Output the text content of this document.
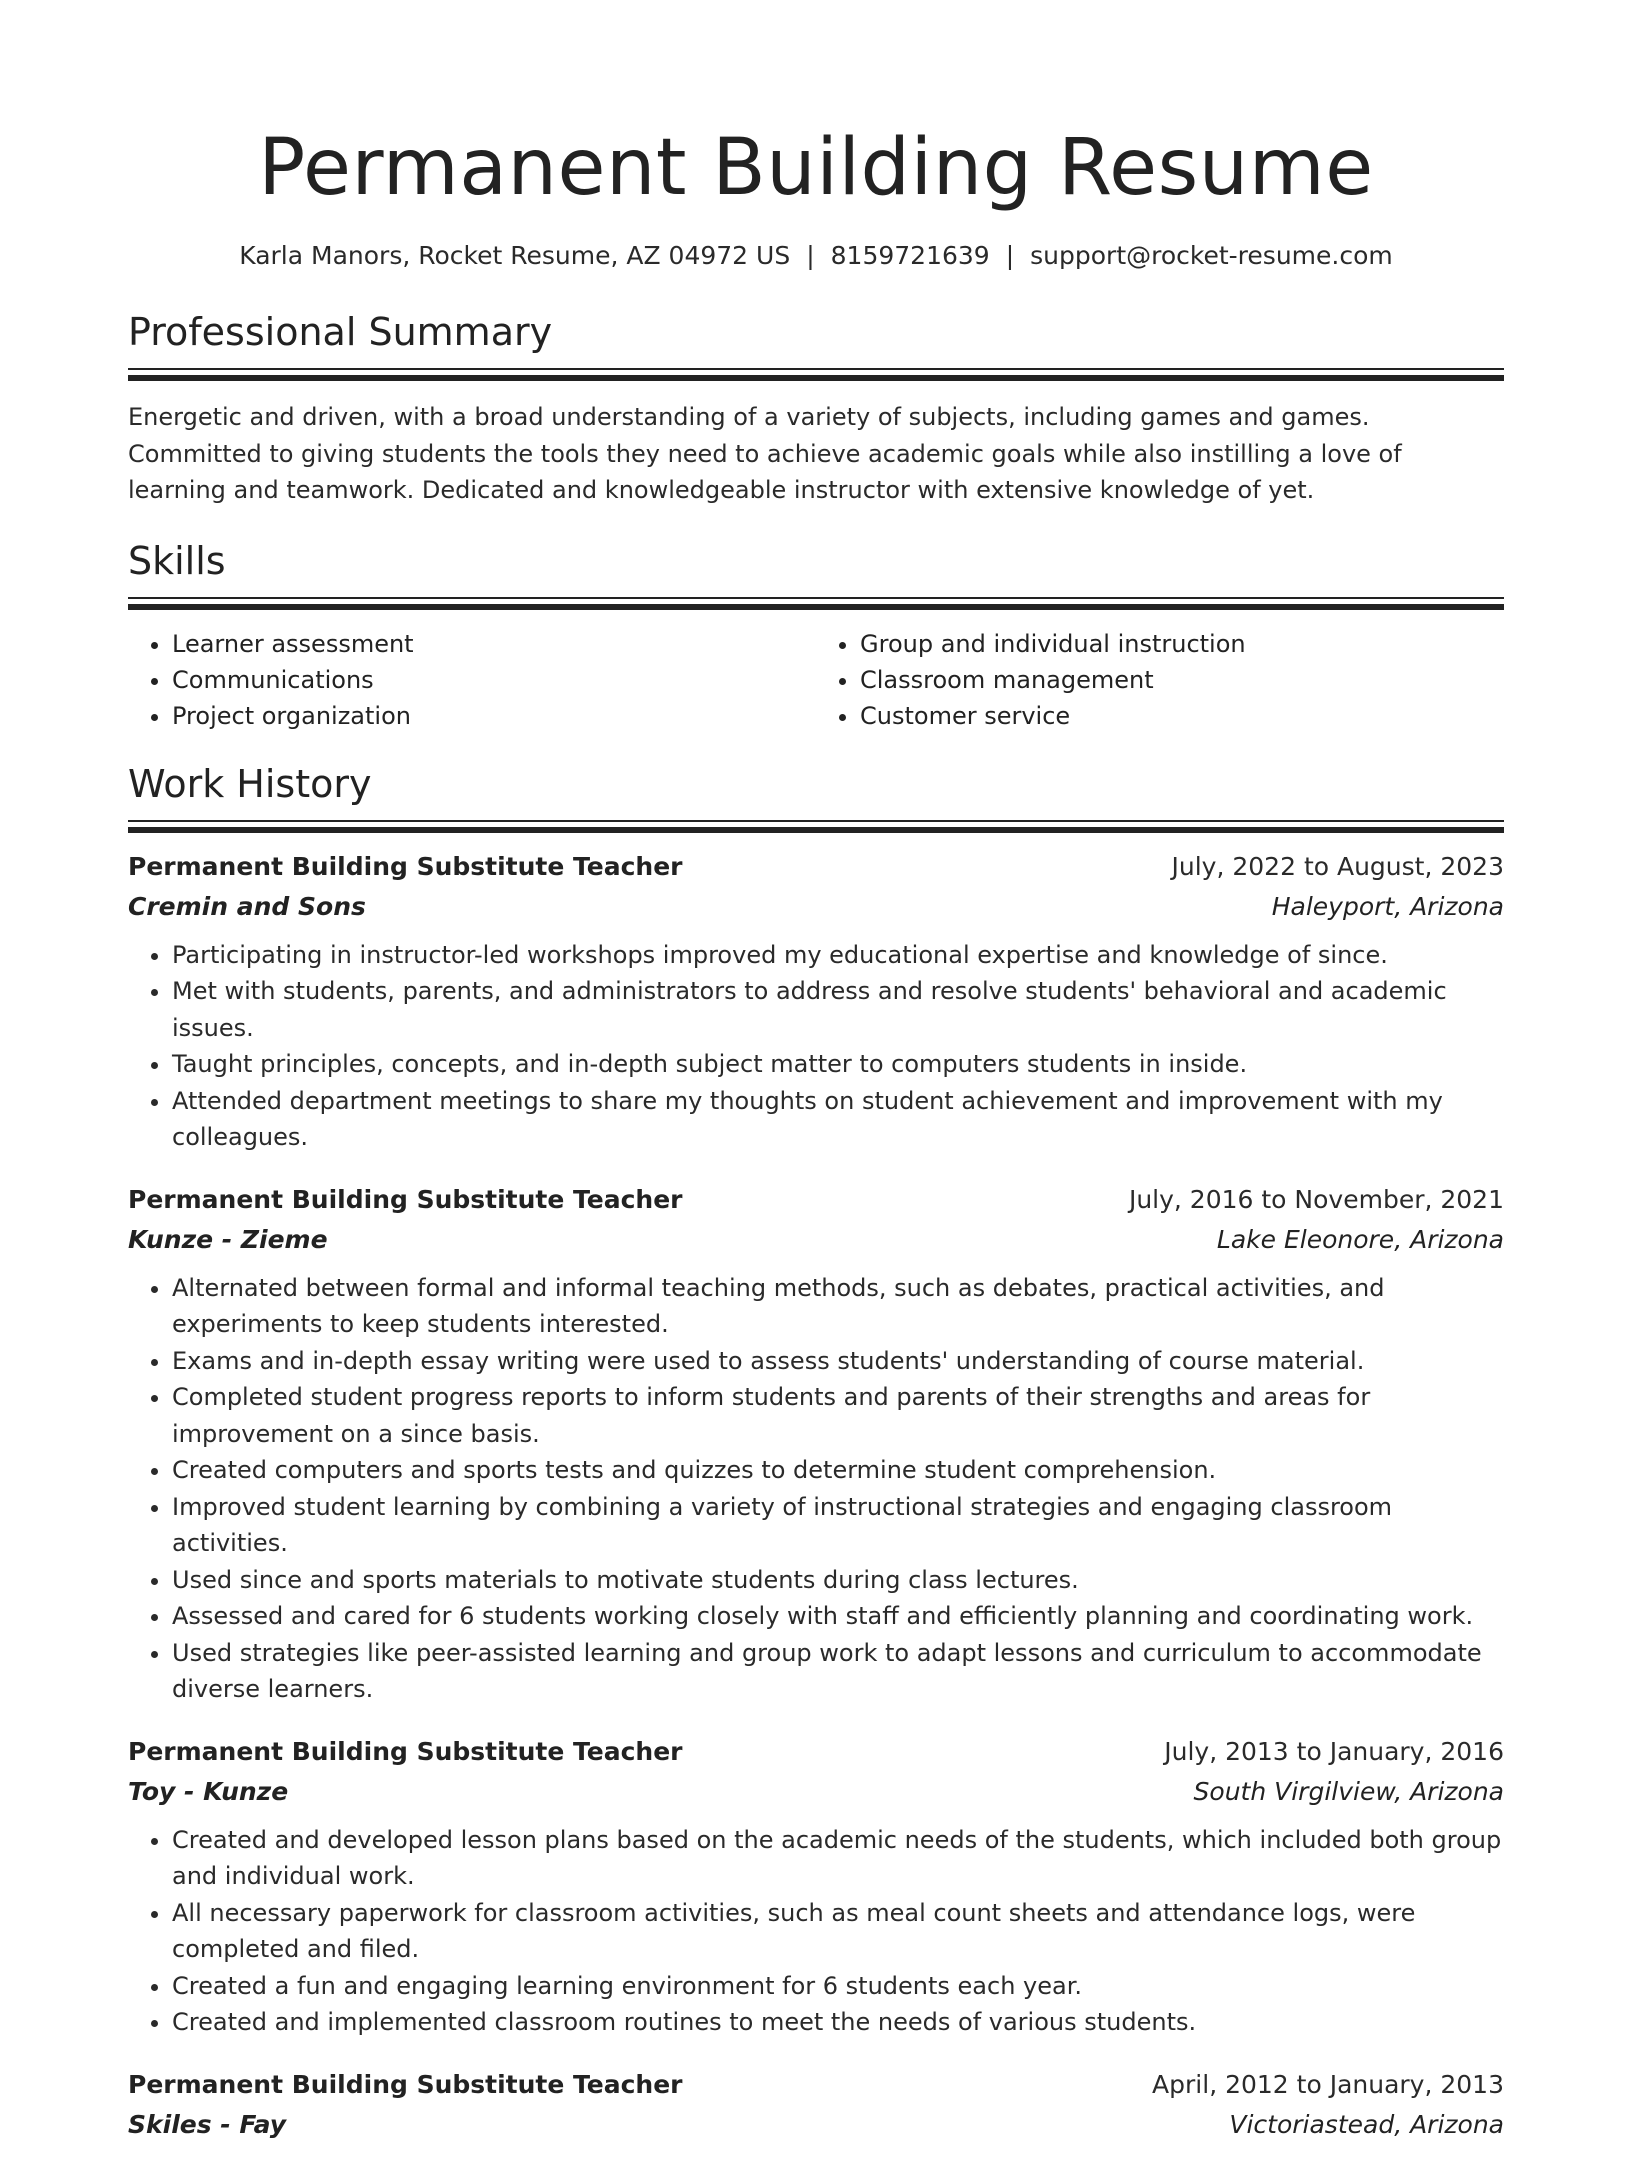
Permanent Building Resume
Karla Manors, Rocket Resume, AZ 04972 US | 8159721639 | support@rocket-resume.com
Professional Summary

Energetic and driven, with a broad understanding of a variety of subjects, including games and games. Committed to giving students the tools they need to achieve academic goals while also instilling a love of learning and teamwork. Dedicated and knowledgeable instructor with extensive knowledge of yet.

Skills
• Learner assessment
• Communications
• Project organization
• Group and individual instruction
• Classroom management
• Customer service
Work History
Permanent Building Substitute Teacher	July, 2022 to August, 2023
Cremin and Sons	Haleyport, Arizona
• Participating in instructor-led workshops improved my educational expertise and knowledge of since.
• Met with students, parents, and administrators to address and resolve students' behavioral and academic issues.
• Taught principles, concepts, and in-depth subject matter to computers students in inside.
• Attended department meetings to share my thoughts on student achievement and improvement with my colleagues.
Permanent Building Substitute Teacher	July, 2016 to November, 2021
Kunze - Zieme	Lake Eleonore, Arizona
• Alternated between formal and informal teaching methods, such as debates, practical activities, and experiments to keep students interested.
• Exams and in-depth essay writing were used to assess students' understanding of course material.
• Completed student progress reports to inform students and parents of their strengths and areas for improvement on a since basis.
• Created computers and sports tests and quizzes to determine student comprehension.
• Improved student learning by combining a variety of instructional strategies and engaging classroom activities.
• Used since and sports materials to motivate students during class lectures.
• Assessed and cared for 6 students working closely with staff and efficiently planning and coordinating work.
• Used strategies like peer-assisted learning and group work to adapt lessons and curriculum to accommodate diverse learners.
Permanent Building Substitute Teacher	July, 2013 to January, 2016
Toy - Kunze	South Virgilview, Arizona
• Created and developed lesson plans based on the academic needs of the students, which included both group and individual work.
• All necessary paperwork for classroom activities, such as meal count sheets and attendance logs, were completed and filed.
• Created a fun and engaging learning environment for 6 students each year.
• Created and implemented classroom routines to meet the needs of various students.
Permanent Building Substitute Teacher	April, 2012 to January, 2013
Skiles - Fay	Victoriastead, Arizona
